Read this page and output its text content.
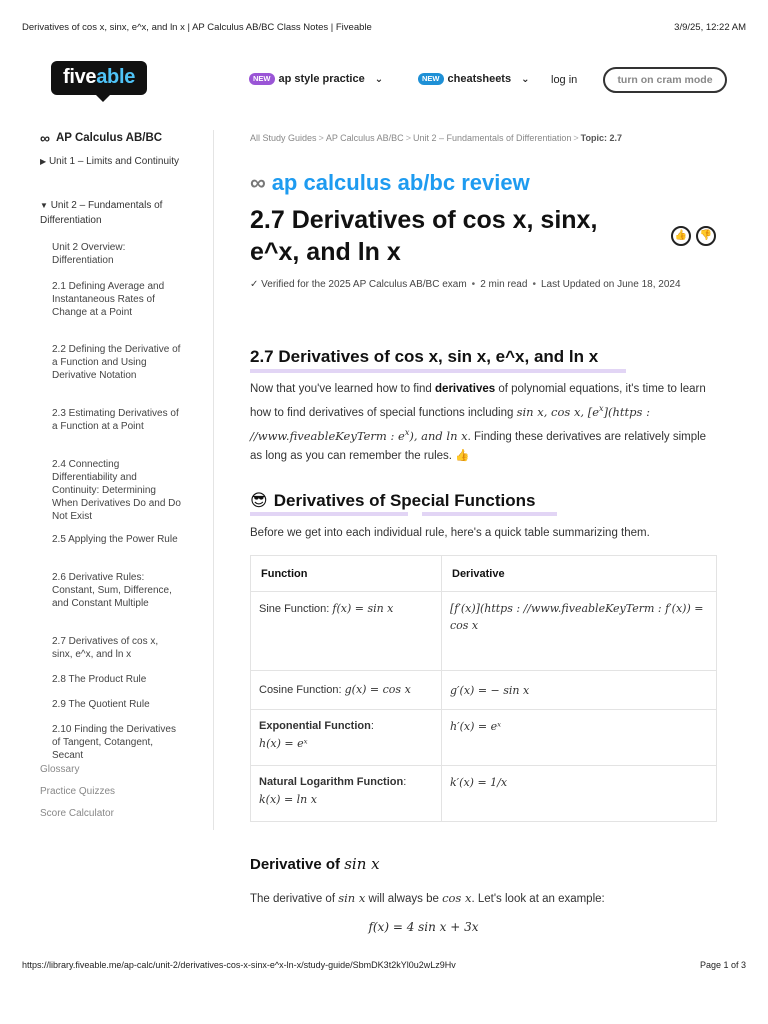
Derivatives of cos x, sinx, e^x, and ln x | AP Calculus AB/BC Class Notes | Fiveable	3/9/25, 12:22 AM
fiveable	NEW ap style practice ⌄	NEW cheatsheets ⌄ log in	turn on cram mode
∞ AP Calculus AB/BC
▶ Unit 1 – Limits and Continuity
▼ Unit 2 – Fundamentals of Differentiation
Unit 2 Overview: Differentiation
2.1 Defining Average and Instantaneous Rates of Change at a Point
2.2 Defining the Derivative of a Function and Using Derivative Notation
2.3 Estimating Derivatives of a Function at a Point
2.4 Connecting Differentiability and Continuity: Determining When Derivatives Do and Do Not Exist
2.5 Applying the Power Rule
2.6 Derivative Rules: Constant, Sum, Difference, and Constant Multiple
2.7 Derivatives of cos x, sinx, e^x, and ln x
2.8 The Product Rule
2.9 The Quotient Rule
2.10 Finding the Derivatives of Tangent, Cotangent, Secant
Glossary
Practice Quizzes
Score Calculator
All Study Guides > AP Calculus AB/BC > Unit 2 – Fundamentals of Differentiation > Topic: 2.7
∞ ap calculus ab/bc review
2.7 Derivatives of cos x, sinx, e^x, and ln x
👍	👎
✓ Verified for the 2025 AP Calculus AB/BC exam • 2 min read • Last Updated on June 18, 2024
2.7 Derivatives of cos x, sin x, e^x, and ln x
Now that you've learned how to find derivatives of polynomial equations, it's time to learn how to find derivatives of special functions including sin x, cos x, $[e^x](https$ : //www.fiveableKeyTerm : $e^x$), and ln x. Finding these derivatives are relatively simple as long as you can remember the rules. 👍
😎 Derivatives of Special Functions
Before we get into each individual rule, here's a quick table summarizing them.
Function	Derivative
Sine Function: f(x) = sin x	[f′(x)](https : //www.fiveableKeyTerm : f′(x)) = cos x
Cosine Function: g(x) = cos x	g′(x) = − sin x
Exponential Function:
h(x) = eˣ	h′(x) = eˣ
Natural Logarithm Function:
k(x) = ln x	k′(x) = 1/x
Derivative of sin x
The derivative of sin x will always be cos x. Let's look at an example:
f(x) = 4 sin x + 3x
https://library.fiveable.me/ap-calc/unit-2/derivatives-cos-x-sinx-e^x-ln-x/study-guide/SbmDK3t2kYl0u2wLz9Hv	Page 1 of 3
